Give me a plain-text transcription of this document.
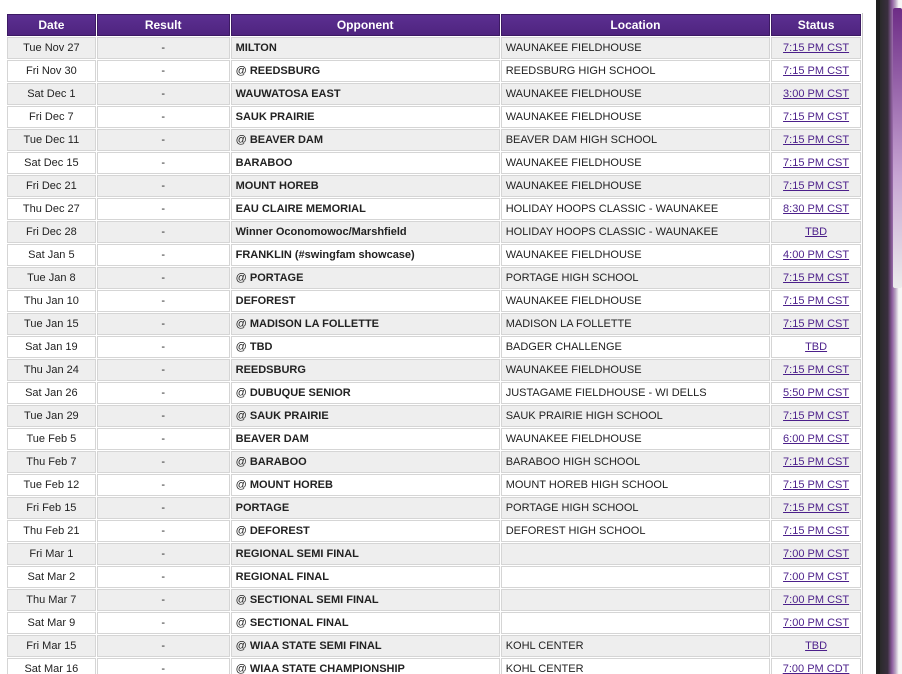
Date	Result	Opponent	Location	Status
Tue Nov 27	-	MILTON	WAUNAKEE FIELDHOUSE	7:15 PM CST
Fri Nov 30	-	@ REEDSBURG	REEDSBURG HIGH SCHOOL	7:15 PM CST
Sat Dec 1	-	WAUWATOSA EAST	WAUNAKEE FIELDHOUSE	3:00 PM CST
Fri Dec 7	-	SAUK PRAIRIE	WAUNAKEE FIELDHOUSE	7:15 PM CST
Tue Dec 11	-	@ BEAVER DAM	BEAVER DAM HIGH SCHOOL	7:15 PM CST
Sat Dec 15	-	BARABOO	WAUNAKEE FIELDHOUSE	7:15 PM CST
Fri Dec 21	-	MOUNT HOREB	WAUNAKEE FIELDHOUSE	7:15 PM CST
Thu Dec 27	-	EAU CLAIRE MEMORIAL	HOLIDAY HOOPS CLASSIC - WAUNAKEE	8:30 PM CST
Fri Dec 28	-	Winner Oconomowoc/Marshfield	HOLIDAY HOOPS CLASSIC - WAUNAKEE	TBD
Sat Jan 5	-	FRANKLIN (#swingfam showcase)	WAUNAKEE FIELDHOUSE	4:00 PM CST
Tue Jan 8	-	@ PORTAGE	PORTAGE HIGH SCHOOL	7:15 PM CST
Thu Jan 10	-	DEFOREST	WAUNAKEE FIELDHOUSE	7:15 PM CST
Tue Jan 15	-	@ MADISON LA FOLLETTE	MADISON LA FOLLETTE	7:15 PM CST
Sat Jan 19	-	@ TBD	BADGER CHALLENGE	TBD
Thu Jan 24	-	REEDSBURG	WAUNAKEE FIELDHOUSE	7:15 PM CST
Sat Jan 26	-	@ DUBUQUE SENIOR	JUSTAGAME FIELDHOUSE - WI DELLS	5:50 PM CST
Tue Jan 29	-	@ SAUK PRAIRIE	SAUK PRAIRIE HIGH SCHOOL	7:15 PM CST
Tue Feb 5	-	BEAVER DAM	WAUNAKEE FIELDHOUSE	6:00 PM CST
Thu Feb 7	-	@ BARABOO	BARABOO HIGH SCHOOL	7:15 PM CST
Tue Feb 12	-	@ MOUNT HOREB	MOUNT HOREB HIGH SCHOOL	7:15 PM CST
Fri Feb 15	-	PORTAGE	PORTAGE HIGH SCHOOL	7:15 PM CST
Thu Feb 21	-	@ DEFOREST	DEFOREST HIGH SCHOOL	7:15 PM CST
Fri Mar 1	-	REGIONAL SEMI FINAL		7:00 PM CST
Sat Mar 2	-	REGIONAL FINAL		7:00 PM CST
Thu Mar 7	-	@ SECTIONAL SEMI FINAL		7:00 PM CST
Sat Mar 9	-	@ SECTIONAL FINAL		7:00 PM CST
Fri Mar 15	-	@ WIAA STATE SEMI FINAL	KOHL CENTER	TBD
Sat Mar 16	-	@ WIAA STATE CHAMPIONSHIP	KOHL CENTER	7:00 PM CDT
